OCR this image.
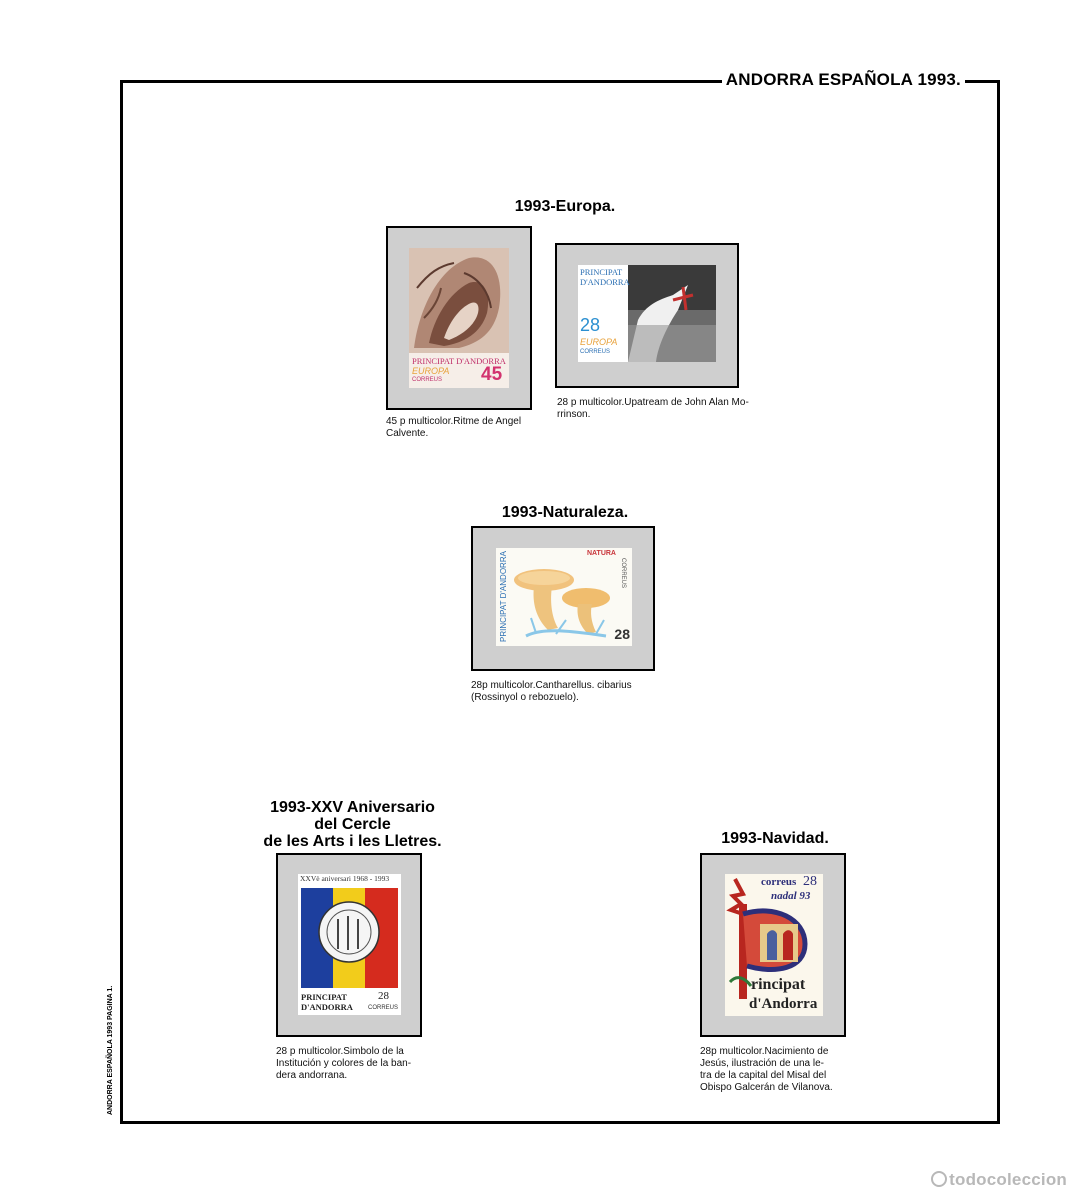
ANDORRA ESPAÑOLA 1993.
ANDORRA ESPAÑOLA 1993 PAGINA 1.
1993-Europa.
PRINCIPAT D'ANDORRA
EUROPA
CORREUS 45
45 p multicolor.Ritme de Angel
Calvente.
PRINCIPAT
D'ANDORRA
28
EUROPA
CORREUS
28 p multicolor.Upatream de John Alan Mo-
rrinson.
1993-Naturaleza.
NATURA
PRINCIPAT D'ANDORRA	CORREUS
28
28p multicolor.Cantharellus. cibarius
(Rossinyol o rebozuelo).
1993-XXV Aniversario
del Cercle
de les Arts i les Lletres.
XXVè aniversari 1968 - 1993
PRINCIPAT
D'ANDORRA
28
CORREUS
28 p multicolor.Simbolo de la
Institución y colores de la ban-
dera andorrana.
1993-Navidad.
correus 28
nadal 93
rincipat
d'Andorra
28p multicolor.Nacimiento de
Jesús, ilustración de una le-
tra de la capital del Misal del
Obispo Galcerán de Vilanova.
todocoleccion
